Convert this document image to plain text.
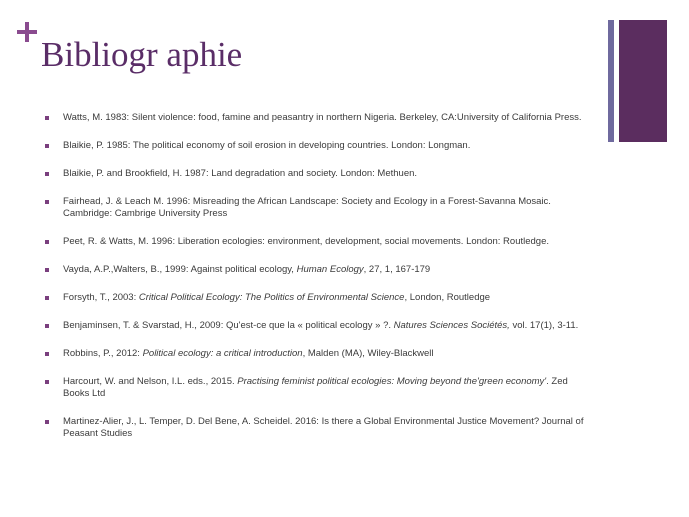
Bibliogr aphie
Watts, M. 1983: Silent violence: food, famine and peasantry in northern Nigeria. Berkeley, CA:University of California Press.
Blaikie, P. 1985: The political economy of soil erosion in developing countries. London: Longman.
Blaikie, P. and Brookfield, H. 1987: Land degradation and society. London: Methuen.
Fairhead, J. & Leach M. 1996: Misreading the African Landscape: Society and Ecology in a Forest-Savanna Mosaic. Cambridge: Cambrige University Press
Peet, R. & Watts, M. 1996: Liberation ecologies: environment, development, social movements. London: Routledge.
Vayda, A.P.,Walters, B., 1999: Against political ecology, Human Ecology, 27, 1, 167-179
Forsyth, T., 2003: Critical Political Ecology: The Politics of Environmental Science, London, Routledge
Benjaminsen, T. & Svarstad, H., 2009: Qu'est-ce que la « political ecology » ?. Natures Sciences Sociétés, vol. 17(1), 3-11.
Robbins, P., 2012: Political ecology: a critical introduction, Malden (MA), Wiley-Blackwell
Harcourt, W. and Nelson, I.L. eds., 2015. Practising feminist political ecologies: Moving beyond the'green economy'. Zed Books Ltd
Martinez-Alier, J., L. Temper, D. Del Bene, A. Scheidel. 2016: Is there a Global Environmental Justice Movement? Journal of Peasant Studies
